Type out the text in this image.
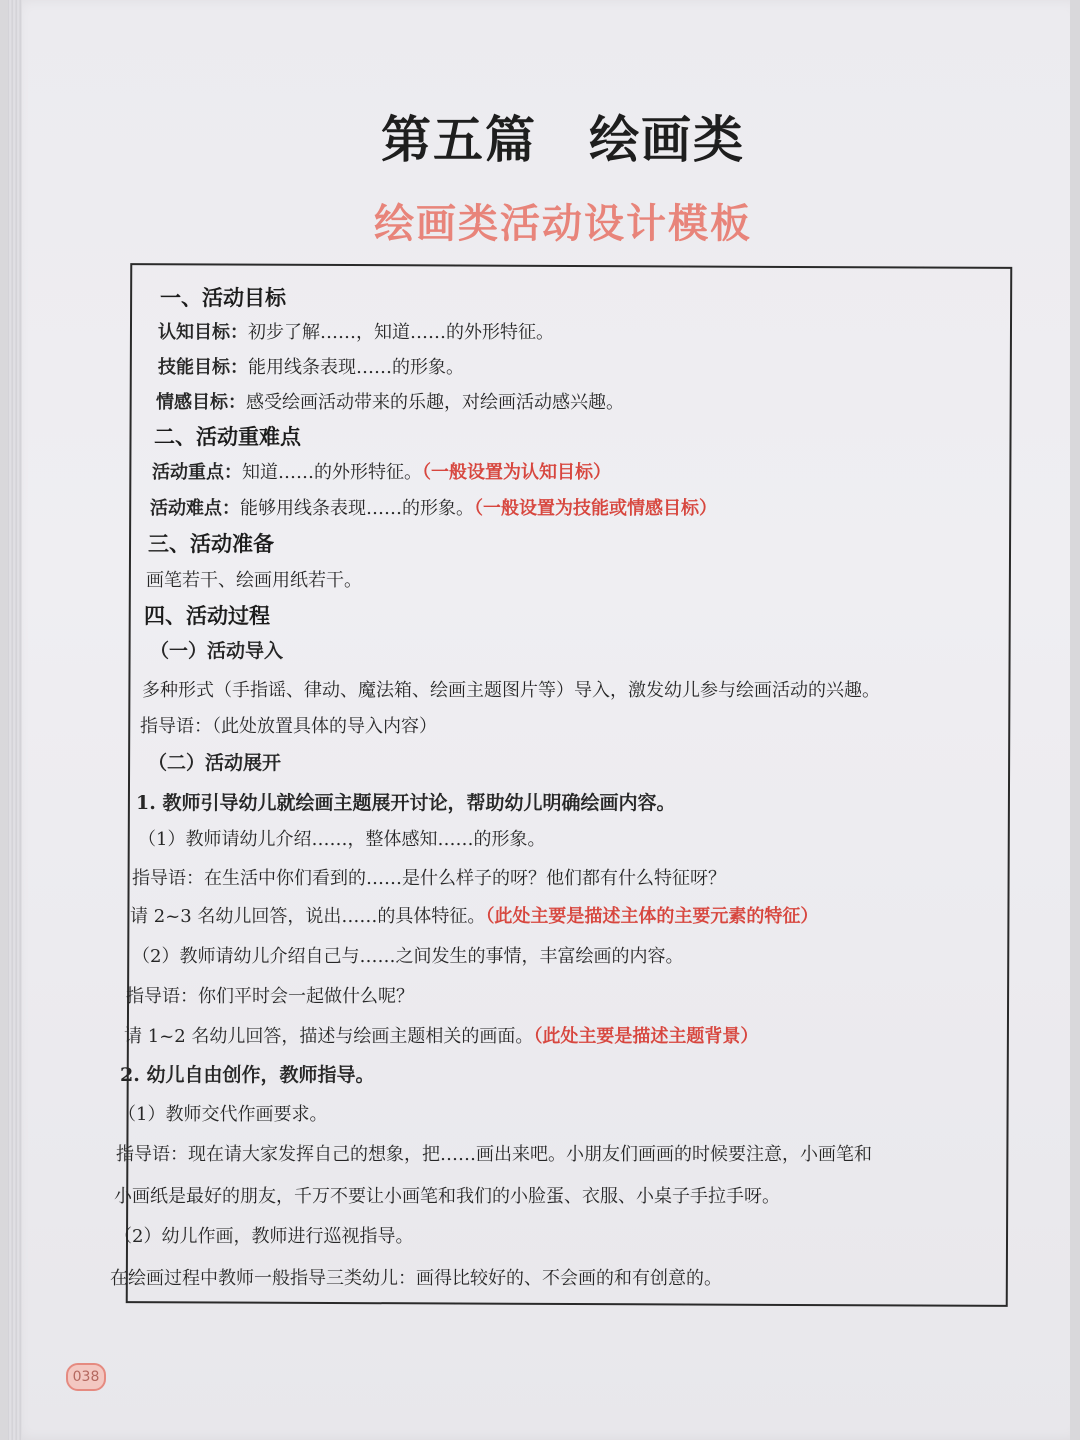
第五篇　绘画类
绘画类活动设计模板
一、活动目标
认知目标：初步了解……，知道……的外形特征。
技能目标：能用线条表现……的形象。
情感目标：感受绘画活动带来的乐趣，对绘画活动感兴趣。
二、活动重难点
活动重点：知道……的外形特征。（一般设置为认知目标）
活动难点：能够用线条表现……的形象。（一般设置为技能或情感目标）
三、活动准备
画笔若干、绘画用纸若干。
四、活动过程
（一）活动导入
多种形式（手指谣、律动、魔法箱、绘画主题图片等）导入，激发幼儿参与绘画活动的兴趣。
指导语：（此处放置具体的导入内容）
（二）活动展开
1. 教师引导幼儿就绘画主题展开讨论，帮助幼儿明确绘画内容。
（1）教师请幼儿介绍……，整体感知……的形象。
指导语：在生活中你们看到的……是什么样子的呀？他们都有什么特征呀？
请 2~3 名幼儿回答，说出……的具体特征。（此处主要是描述主体的主要元素的特征）
（2）教师请幼儿介绍自己与……之间发生的事情，丰富绘画的内容。
指导语：你们平时会一起做什么呢？
请 1~2 名幼儿回答，描述与绘画主题相关的画面。（此处主要是描述主题背景）
2. 幼儿自由创作，教师指导。
（1）教师交代作画要求。
指导语：现在请大家发挥自己的想象，把……画出来吧。小朋友们画画的时候要注意，小画笔和
小画纸是最好的朋友，千万不要让小画笔和我们的小脸蛋、衣服、小桌子手拉手呀。
（2）幼儿作画，教师进行巡视指导。
在绘画过程中教师一般指导三类幼儿：画得比较好的、不会画的和有创意的。
038
